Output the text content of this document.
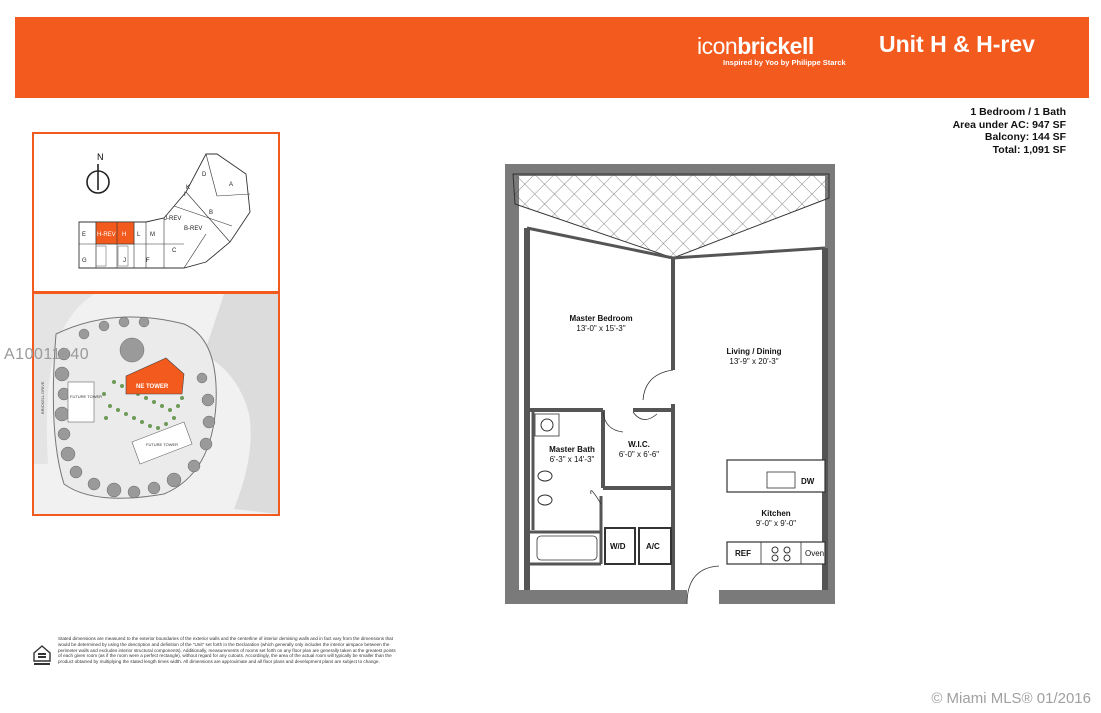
iconbrickell
Inspired by Yoo by Philippe Starck
Unit H & H-rev
1 Bedroom / 1 Bath
Area under AC: 947 SF
Balcony: 144 SF
Total: 1,091 SF
N
A
B
B-REV
C
D
E
F
G
H-REV H
I
J
J-REV
K
L M
FUTURE TOWER
FUTURE TOWER
NE TOWER
BRICKELL DRIVE
A10011040
Master Bedroom
13'-0" x 15'-3"
Living / Dining
13'-9" x 20'-3"
W.I.C.
6'-0" x 6'-6"
Master Bath
6'-3" x 14'-3"
Kitchen
9'-0" x 9'-0"
DW
W/D	A/C
REF	Oven
Stated dimensions are measured to the exterior boundaries of the exterior walls and the centerline of interior demising walls and in fact vary from the dimensions that would be determined by using the description and definition of the "Unit" set forth in the Declaration (which generally only includes the interior airspace between the perimeter walls and excludes interior structural components). Additionally, measurements of rooms set forth on any floor plan are generally taken at the greatest points of each given room (as if the room were a perfect rectangle), without regard for any cutouts. Accordingly, the area of the actual room will typically be smaller than the product obtained by multiplying the stated length times width. All dimensions are approximate and all floor plans and development plans are subject to change.
© Miami MLS® 01/2016
